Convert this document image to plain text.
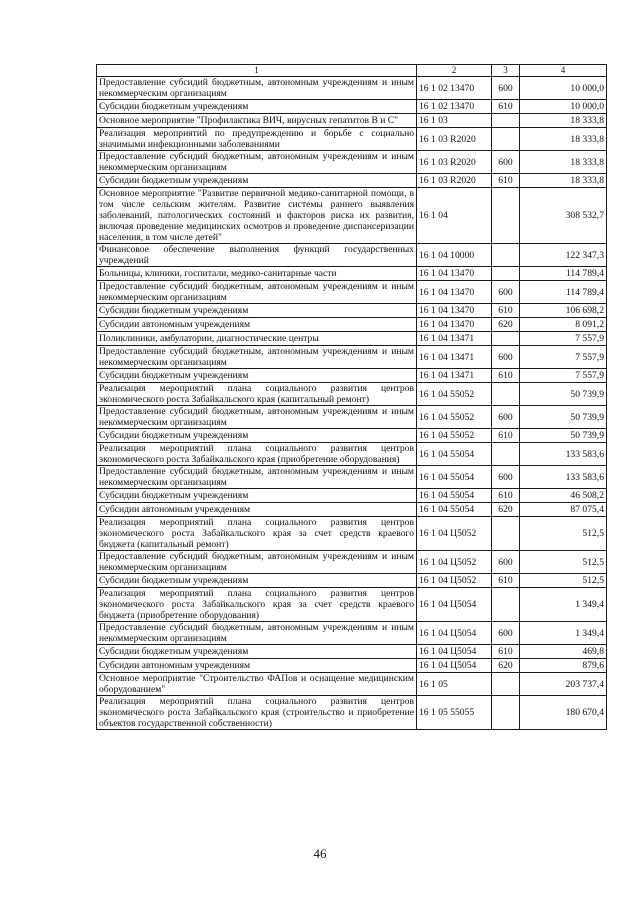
1	2	3	4
Предоставление субсидий бюджетным, автономным учреждениям и иным некоммерческим организациям	16 1 02 13470	600	10 000,0
Субсидии бюджетным учреждениям	16 1 02 13470	610	10 000,0
Основное мероприятие "Профилактика ВИЧ, вирусных гепатитов В и С"	16 1 03		18 333,8
Реализация мероприятий по предупреждению и борьбе с социально значимыми инфекционными заболеваниями	16 1 03 R2020		18 333,8
Предоставление субсидий бюджетным, автономным учреждениям и иным некоммерческим организациям	16 1 03 R2020	600	18 333,8
Субсидии бюджетным учреждениям	16 1 03 R2020	610	18 333,8
Основное мероприятие "Развитие первичной медико-санитарной помощи, в том числе сельским жителям. Развитие системы раннего выявления заболеваний, патологических состояний и факторов риска их развития, включая проведение медицинских осмотров и проведение диспансеризации населения, в том числе детей"	16 1 04		308 532,7
Финансовое обеспечение выполнения функций государственных учреждений	16 1 04 10000		122 347,3
Больницы, клиники, госпитали, медико-санитарные части	16 1 04 13470		114 789,4
Предоставление субсидий бюджетным, автономным учреждениям и иным некоммерческим организациям	16 1 04 13470	600	114 789,4
Субсидии бюджетным учреждениям	16 1 04 13470	610	106 698,2
Субсидии автономным учреждениям	16 1 04 13470	620	8 091,2
Поликлиники, амбулатории, диагностические центры	16 1 04 13471		7 557,9
Предоставление субсидий бюджетным, автономным учреждениям и иным некоммерческим организациям	16 1 04 13471	600	7 557,9
Субсидии бюджетным учреждениям	16 1 04 13471	610	7 557,9
Реализация мероприятий плана социального развития центров экономического роста Забайкальского края (капитальный ремонт)	16 1 04 55052		50 739,9
Предоставление субсидий бюджетным, автономным учреждениям и иным некоммерческим организациям	16 1 04 55052	600	50 739,9
Субсидии бюджетным учреждениям	16 1 04 55052	610	50 739,9
Реализация мероприятий плана социального развития центров экономического роста Забайкальского края (приобретение оборудования)	16 1 04 55054		133 583,6
Предоставление субсидий бюджетным, автономным учреждениям и иным некоммерческим организациям	16 1 04 55054	600	133 583,6
Субсидии бюджетным учреждениям	16 1 04 55054	610	46 508,2
Субсидии автономным учреждениям	16 1 04 55054	620	87 075,4
Реализация мероприятий плана социального развития центров экономического роста Забайкальского края за счет средств краевого бюджета (капитальный ремонт)	16 1 04 Ц5052		512,5
Предоставление субсидий бюджетным, автономным учреждениям и иным некоммерческим организациям	16 1 04 Ц5052	600	512,5
Субсидии бюджетным учреждениям	16 1 04 Ц5052	610	512,5
Реализация мероприятий плана социального развития центров экономического роста Забайкальского края за счет средств краевого бюджета (приобретение оборудования)	16 1 04 Ц5054		1 349,4
Предоставление субсидий бюджетным, автономным учреждениям и иным некоммерческим организациям	16 1 04 Ц5054	600	1 349,4
Субсидии бюджетным учреждениям	16 1 04 Ц5054	610	469,8
Субсидии автономным учреждениям	16 1 04 Ц5054	620	879,6
Основное мероприятие "Строительство ФАПов и оснащение медицинским оборудованием"	16 1 05		203 737,4
Реализация мероприятий плана социального развития центров экономического роста Забайкальского края (строительство и приобретение объектов государственной собственности)	16 1 05 55055		180 670,4
46
